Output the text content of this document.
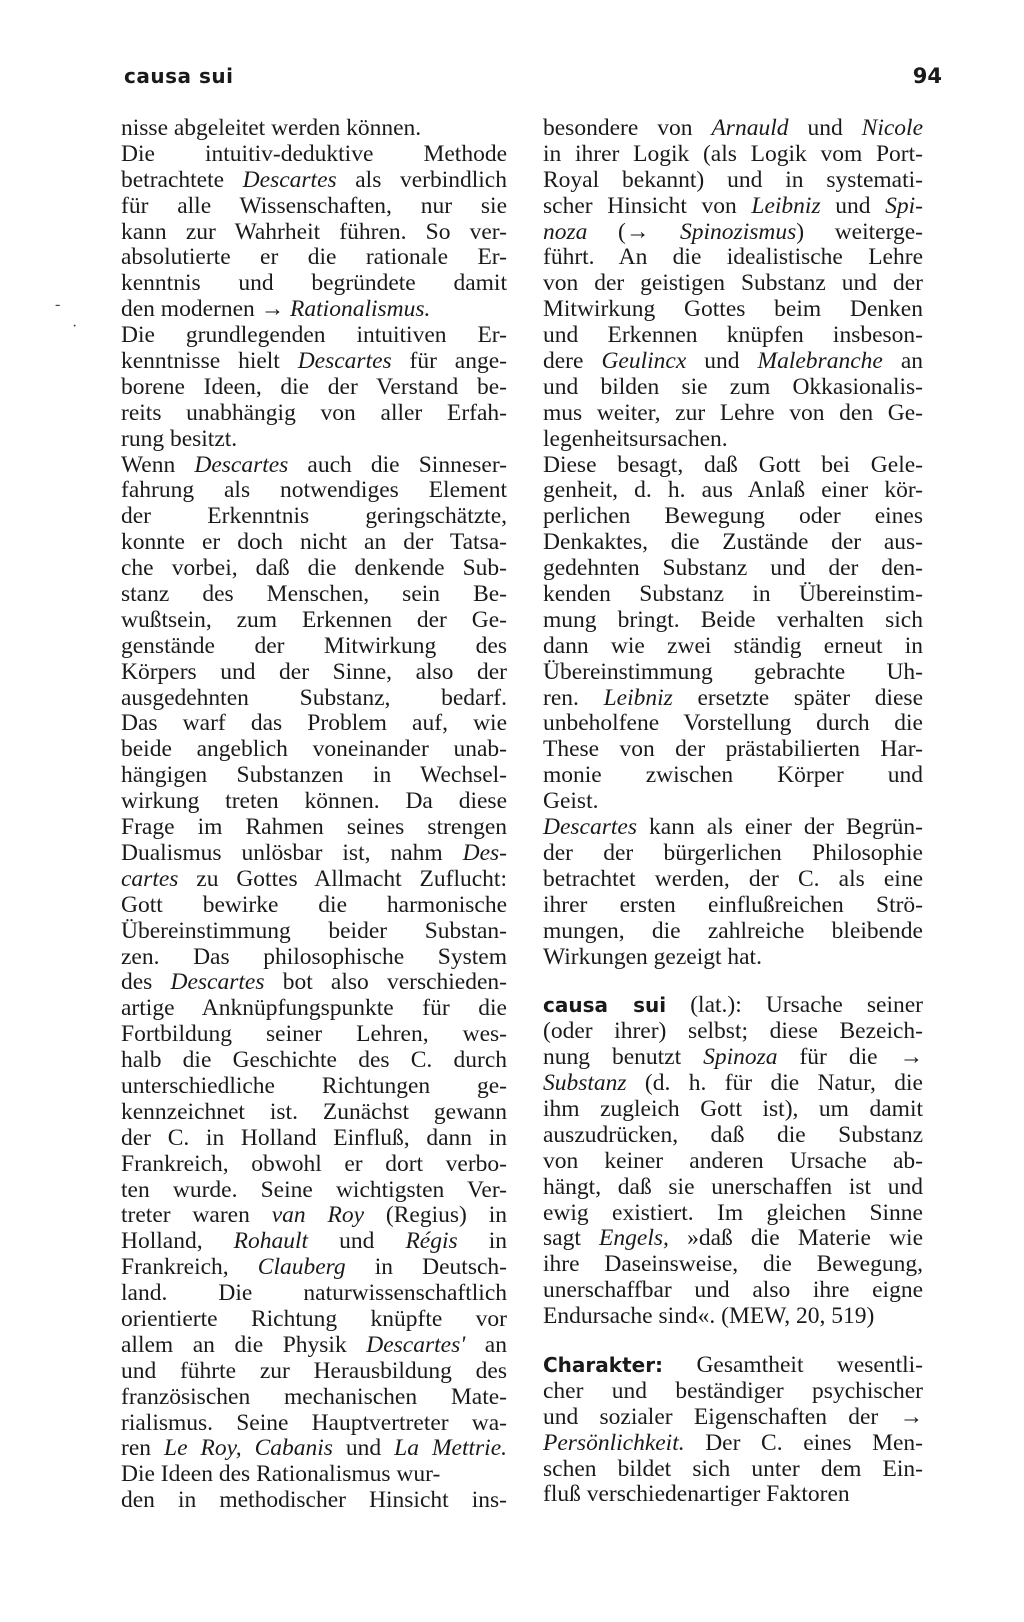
causa sui	94
nisse abgeleitet werden können.
Die intuitiv-deduktive Methode
betrachtete Descartes als verbindlich
für alle Wissenschaften, nur sie
kann zur Wahrheit führen. So ver-
absolutierte er die rationale Er-
kenntnis und begründete damit
den modernen → Rationalismus.
Die grundlegenden intuitiven Er-
kenntnisse hielt Descartes für ange-
borene Ideen, die der Verstand be-
reits unabhängig von aller Erfah-
rung besitzt.
Wenn Descartes auch die Sinneser-
fahrung als notwendiges Element
der Erkenntnis geringschätzte,
konnte er doch nicht an der Tatsa-
che vorbei, daß die denkende Sub-
stanz des Menschen, sein Be-
wußtsein, zum Erkennen der Ge-
genstände der Mitwirkung des
Körpers und der Sinne, also der
ausgedehnten Substanz, bedarf.
Das warf das Problem auf, wie
beide angeblich voneinander unab-
hängigen Substanzen in Wechsel-
wirkung treten können. Da diese
Frage im Rahmen seines strengen
Dualismus unlösbar ist, nahm Des-
cartes zu Gottes Allmacht Zuflucht:
Gott bewirke die harmonische
Übereinstimmung beider Substan-
zen. Das philosophische System
des Descartes bot also verschieden-
artige Anknüpfungspunkte für die
Fortbildung seiner Lehren, wes-
halb die Geschichte des C. durch
unterschiedliche Richtungen ge-
kennzeichnet ist. Zunächst gewann
der C. in Holland Einfluß, dann in
Frankreich, obwohl er dort verbo-
ten wurde. Seine wichtigsten Ver-
treter waren van Roy (Regius) in
Holland, Rohault und Régis in
Frankreich, Clauberg in Deutsch-
land. Die naturwissenschaftlich
orientierte Richtung knüpfte vor
allem an die Physik Descartes' an
und führte zur Herausbildung des
französischen mechanischen Mate-
rialismus. Seine Hauptvertreter wa-
ren Le Roy, Cabanis und La Mettrie.
Die Ideen des Rationalismus wur-
den in methodischer Hinsicht ins-
besondere von Arnauld und Nicole
in ihrer Logik (als Logik vom Port-
Royal bekannt) und in systemati-
scher Hinsicht von Leibniz und Spi-
noza (→ Spinozismus) weiterge-
führt. An die idealistische Lehre
von der geistigen Substanz und der
Mitwirkung Gottes beim Denken
und Erkennen knüpfen insbeson-
dere Geulincx und Malebranche an
und bilden sie zum Okkasionalis-
mus weiter, zur Lehre von den Ge-
legenheitsursachen.
Diese besagt, daß Gott bei Gele-
genheit, d. h. aus Anlaß einer kör-
perlichen Bewegung oder eines
Denkaktes, die Zustände der aus-
gedehnten Substanz und der den-
kenden Substanz in Übereinstim-
mung bringt. Beide verhalten sich
dann wie zwei ständig erneut in
Übereinstimmung gebrachte Uh-
ren. Leibniz ersetzte später diese
unbeholfene Vorstellung durch die
These von der prästabilierten Har-
monie zwischen Körper und
Geist.
Descartes kann als einer der Begrün-
der der bürgerlichen Philosophie
betrachtet werden, der C. als eine
ihrer ersten einflußreichen Strö-
mungen, die zahlreiche bleibende
Wirkungen gezeigt hat.
causa sui (lat.): Ursache seiner
(oder ihrer) selbst; diese Bezeich-
nung benutzt Spinoza für die →
Substanz (d. h. für die Natur, die
ihm zugleich Gott ist), um damit
auszudrücken, daß die Substanz
von keiner anderen Ursache ab-
hängt, daß sie unerschaffen ist und
ewig existiert. Im gleichen Sinne
sagt Engels, »daß die Materie wie
ihre Daseinsweise, die Bewegung,
unerschaffbar und also ihre eigne
Endursache sind«. (MEW, 20, 519)
Charakter: Gesamtheit wesentli-
cher und beständiger psychischer
und sozialer Eigenschaften der →
Persönlichkeit. Der C. eines Men-
schen bildet sich unter dem Ein-
fluß verschiedenartiger Faktoren
-
·
